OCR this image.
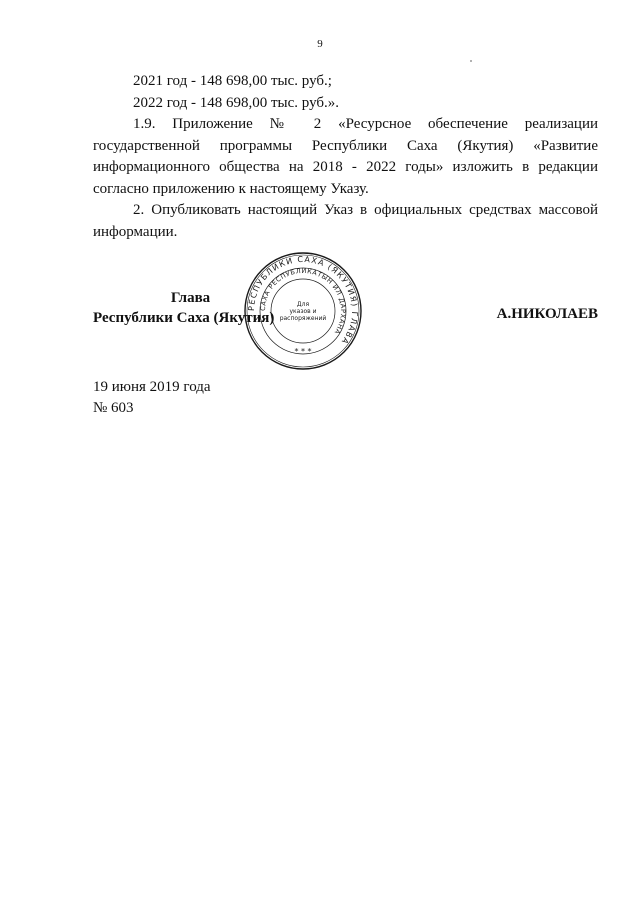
9

2021 год - 148 698,00 тыс. руб.;

2022 год - 148 698,00 тыс. руб.».

1.9. Приложение № 2 «Ресурсное обеспечение реализации государственной программы Республики Саха (Якутия) «Развитие информационного общества на 2018 - 2022 годы» изложить в редакции согласно приложению к настоящему Указу.

2. Опубликовать настоящий Указ в официальных средствах массовой информации.

Глава
Республики Саха (Якутия)	А.НИКОЛАЕВ
РЕСПУБЛИКИ САХА (ЯКУТИЯ) ГЛАВА
САХА РЕСПУБЛИКАТЫН ИЛ ДАРХАНА
Для
указов и
распоряжений
* * *
19 июня 2019 года
№ 603
